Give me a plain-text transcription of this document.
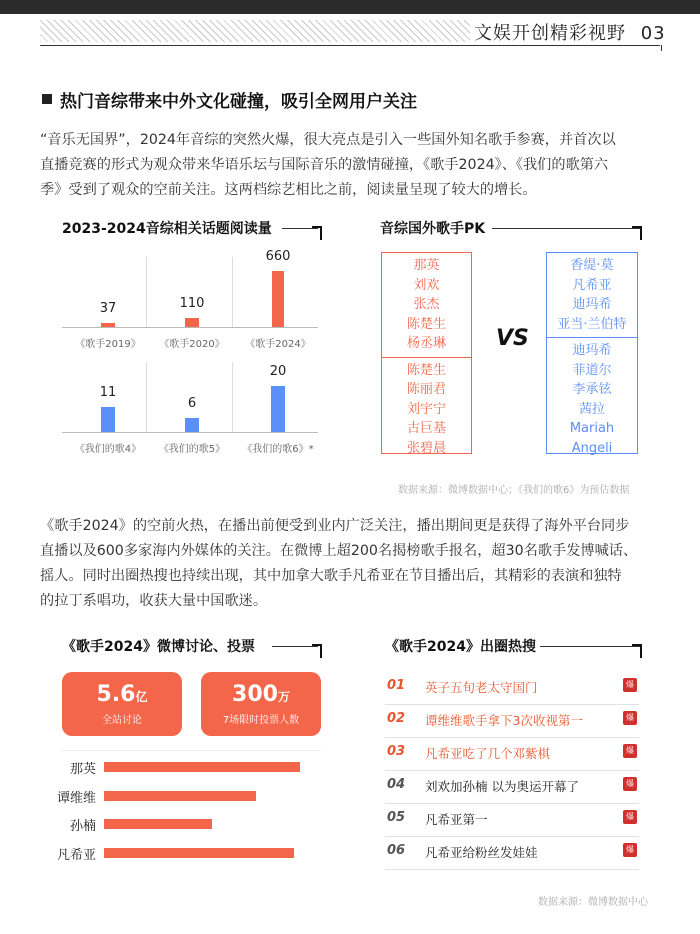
文娱开创精彩视野 03
热门音综带来中外文化碰撞，吸引全网用户关注
“音乐无国界”，2024年音综的突然火爆，很大亮点是引入一些国外知名歌手参赛，并首次以
直播竞赛的形式为观众带来华语乐坛与国际音乐的激情碰撞，《歌手2024》、《我们的歌第六
季》受到了观众的空前关注。这两档综艺相比之前，阅读量呈现了较大的增长。
2023-2024音综相关话题阅读量
37
《歌手2019》
110
《歌手2020》
660
《歌手2024》
11
《我们的歌4》
6
《我们的歌5》
20
《我们的歌6》*
音综国外歌手PK
那英
刘欢
张杰
陈楚生
杨丞琳
陈楚生
陈丽君
刘宇宁
古巨基
张碧晨
VS
香缇·莫
凡希亚
迪玛希
亚当·兰伯特
迪玛希
菲道尔
李承铉
茜拉
Mariah
Angeli
数据来源：微博数据中心；《我们的歌6》为预估数据
《歌手2024》的空前火热，在播出前便受到业内广泛关注，播出期间更是获得了海外平台同步
直播以及600多家海内外媒体的关注。在微博上超200名揭榜歌手报名，超30名歌手发博喊话、
摇人。同时出圈热搜也持续出现，其中加拿大歌手凡希亚在节目播出后，其精彩的表演和独特
的拉丁系唱功，收获大量中国歌迷。
《歌手2024》微博讨论、投票
5.6亿
全站讨论
300万
7场限时投票人数
那英
谭维维
孙楠
凡希亚
《歌手2024》出圈热搜
01	英子五旬老太守国门	爆
02	谭维维歌手拿下3次收视第一	爆
03	凡希亚吃了几个邓紫棋	爆
04	刘欢加孙楠 以为奥运开幕了	爆
05	凡希亚第一	爆
06	凡希亚给粉丝发娃娃	爆
数据来源：微博数据中心
